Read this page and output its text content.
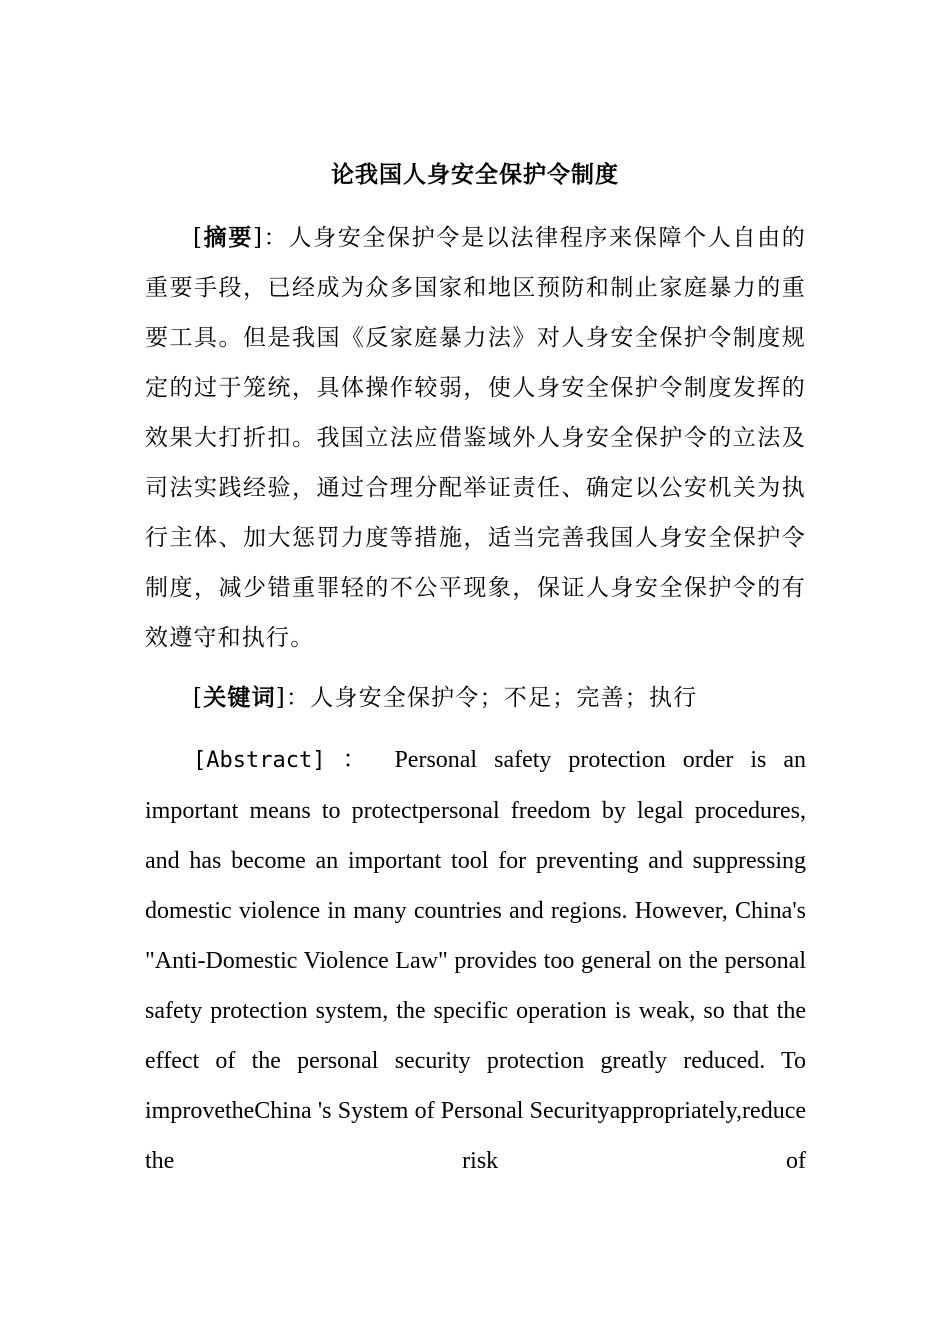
论我国人身安全保护令制度
[摘要]：人身安全保护令是以法律程序来保障个人自由的重要手段，已经成为众多国家和地区预防和制止家庭暴力的重要工具。但是我国《反家庭暴力法》对人身安全保护令制度规定的过于笼统，具体操作较弱，使人身安全保护令制度发挥的效果大打折扣。我国立法应借鉴域外人身安全保护令的立法及司法实践经验，通过合理分配举证责任、确定以公安机关为执行主体、加大惩罚力度等措施，适当完善我国人身安全保护令制度，减少错重罪轻的不公平现象，保证人身安全保护令的有效遵守和执行。
[关键词]：人身安全保护令；不足；完善；执行
[Abstract] ： Personal safety protection order is an important means to protectpersonal freedom by legal procedures, and has become an important tool for preventing and suppressing domestic violence in many countries and regions. However, China's "Anti-Domestic Violence Law" provides too general on the personal safety protection system, the specific operation is weak, so that the effect of the personal security protection greatly reduced. To improvetheChina 's System of Personal Securityappropriately,reduce the risk of
